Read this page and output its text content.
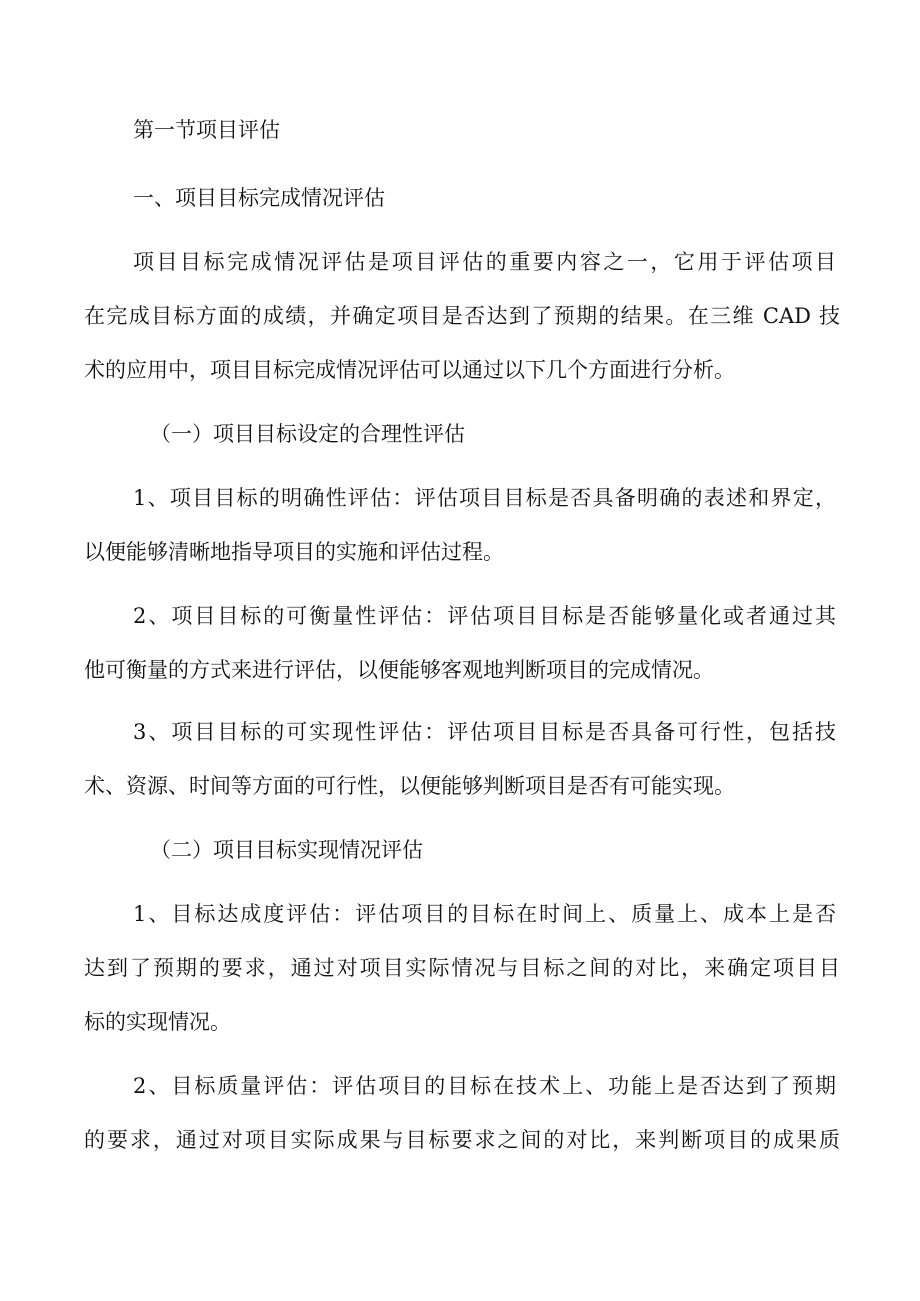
第一节项目评估
一、项目目标完成情况评估
项目目标完成情况评估是项目评估的重要内容之一，它用于评估项目
在完成目标方面的成绩，并确定项目是否达到了预期的结果。在三维 CAD 技
术的应用中，项目目标完成情况评估可以通过以下几个方面进行分析。
（一）项目目标设定的合理性评估
1、项目目标的明确性评估：评估项目目标是否具备明确的表述和界定，
以便能够清晰地指导项目的实施和评估过程。
2、项目目标的可衡量性评估：评估项目目标是否能够量化或者通过其
他可衡量的方式来进行评估，以便能够客观地判断项目的完成情况。
3、项目目标的可实现性评估：评估项目目标是否具备可行性，包括技
术、资源、时间等方面的可行性，以便能够判断项目是否有可能实现。
（二）项目目标实现情况评估
1、目标达成度评估：评估项目的目标在时间上、质量上、成本上是否
达到了预期的要求，通过对项目实际情况与目标之间的对比，来确定项目目
标的实现情况。
2、目标质量评估：评估项目的目标在技术上、功能上是否达到了预期
的要求，通过对项目实际成果与目标要求之间的对比，来判断项目的成果质
